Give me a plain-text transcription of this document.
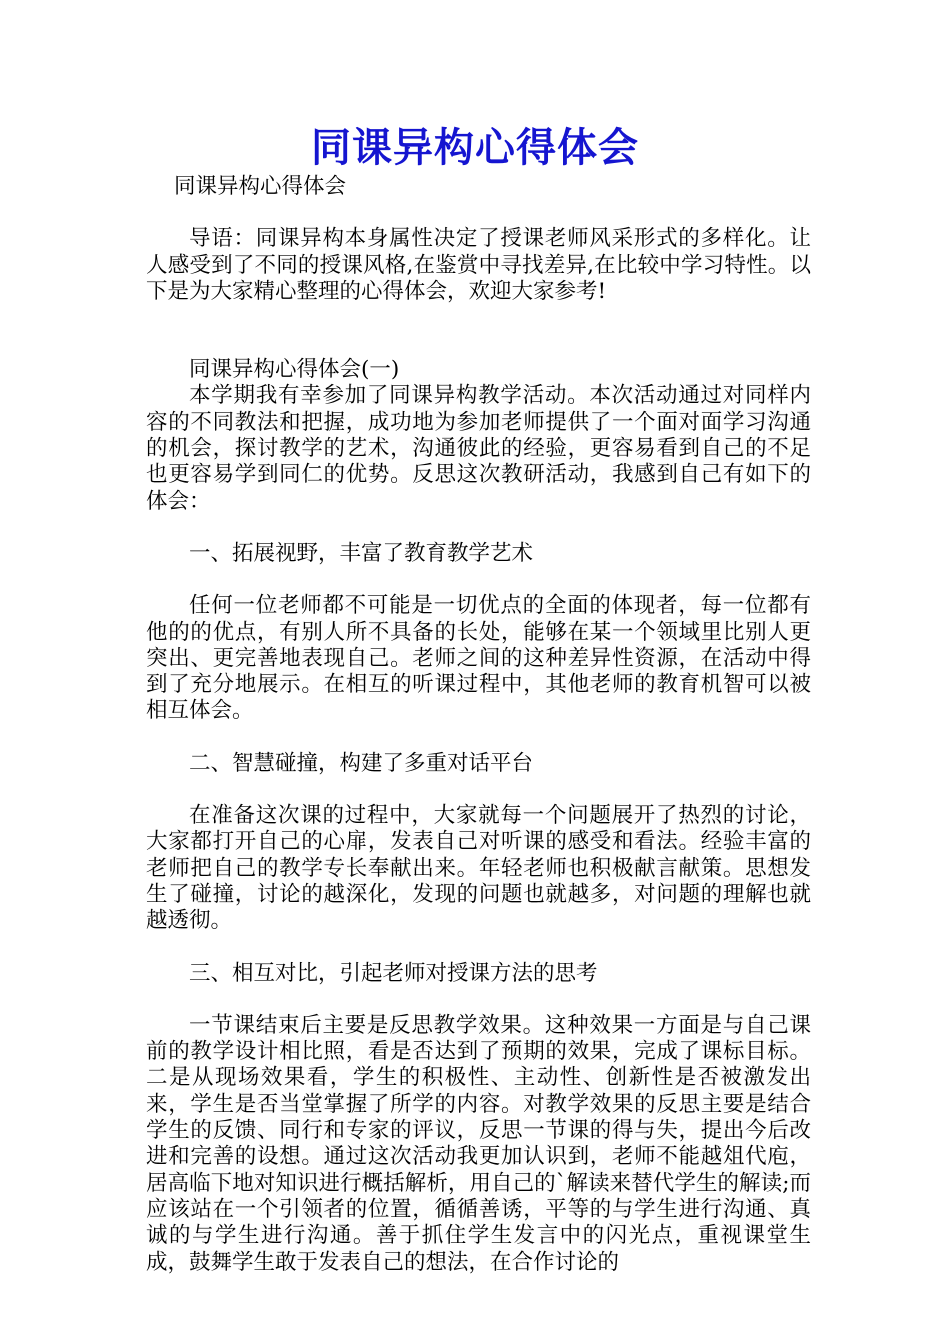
同课异构心得体会

同课异构心得体会

导语：同课异构本身属性决定了授课老师风采形式的多样化。让人感受到了不同的授课风格,在鉴赏中寻找差异,在比较中学习特性。以下是为大家精心整理的心得体会，欢迎大家参考!

同课异构心得体会(一)

本学期我有幸参加了同课异构教学活动。本次活动通过对同样内容的不同教法和把握，成功地为参加老师提供了一个面对面学习沟通的机会，探讨教学的艺术，沟通彼此的经验，更容易看到自己的不足也更容易学到同仁的优势。反思这次教研活动，我感到自己有如下的体会：

一、拓展视野，丰富了教育教学艺术

任何一位老师都不可能是一切优点的全面的体现者，每一位都有他的的优点，有别人所不具备的长处，能够在某一个领域里比别人更突出、更完善地表现自己。老师之间的这种差异性资源，在活动中得到了充分地展示。在相互的听课过程中，其他老师的教育机智可以被相互体会。

二、智慧碰撞，构建了多重对话平台

在准备这次课的过程中，大家就每一个问题展开了热烈的讨论，大家都打开自己的心扉，发表自己对听课的感受和看法。经验丰富的老师把自己的教学专长奉献出来。年轻老师也积极献言献策。思想发生了碰撞，讨论的越深化，发现的问题也就越多，对问题的理解也就越透彻。

三、相互对比，引起老师对授课方法的思考

一节课结束后主要是反思教学效果。这种效果一方面是与自己课前的教学设计相比照，看是否达到了预期的效果，完成了课标目标。二是从现场效果看，学生的积极性、主动性、创新性是否被激发出来，学生是否当堂掌握了所学的内容。对教学效果的反思主要是结合学生的反馈、同行和专家的评议，反思一节课的得与失，提出今后改进和完善的设想。通过这次活动我更加认识到，老师不能越俎代庖，居高临下地对知识进行概括解析，用自己的`解读来替代学生的解读;而应该站在一个引领者的位置，循循善诱，平等的与学生进行沟通、真诚的与学生进行沟通。善于抓住学生发言中的闪光点，重视课堂生成，鼓舞学生敢于发表自己的想法，在合作讨论的
